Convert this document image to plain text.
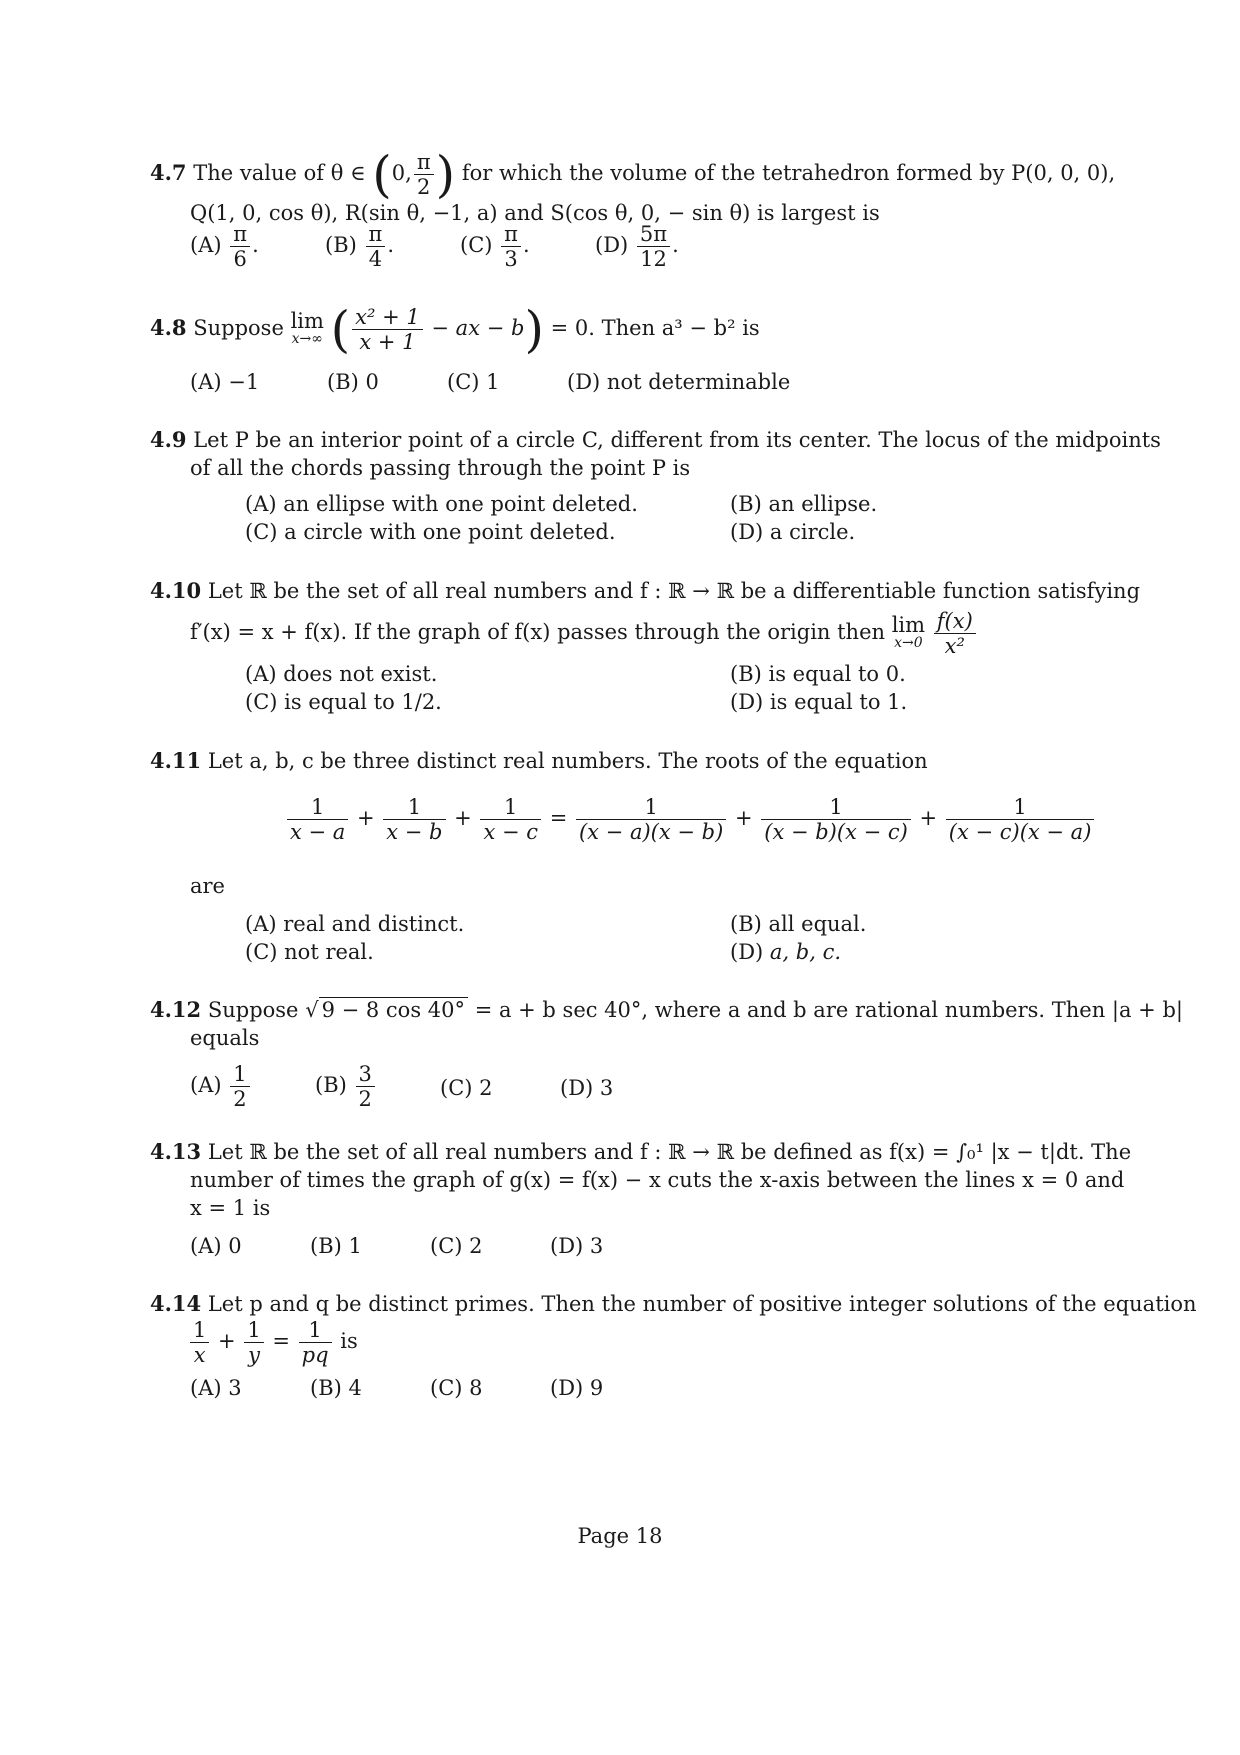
4.7 The value of θ ∈ (0, $\frac{\pi}{2}$ ) for which the volume of the tetrahedron formed by P(0, 0, 0),
Q(1, 0, cos θ), R(sin θ, −1, a) and S(cos θ, 0, − sin θ) is largest is
$(A) \frac{\pi}{6}$ .	$(B) \frac{\pi}{4}$ .	$(C) \frac{\pi}{3}$ .	$(D) \frac{5\pi}{12}$ .
4.8 Suppose lim
x→∞ ( $\frac{\text{x² + 1}}{x + 1}$ − ax − b) = 0. Then a³ − b² is
(A) −1	(B) 0	(C) 1	(D) not determinable
4.9 Let P be an interior point of a circle C, different from its center. The locus of the midpoints
of all the chords passing through the point P is
(A) an ellipse with one point deleted.	(B) an ellipse.
(C) a circle with one point deleted.	(D) a circle.
4.10 Let ℝ be the set of all real numbers and f : ℝ → ℝ be a differentiable function satisfying
f′(x) = x + f(x). If the graph of f(x) passes through the origin then lim
x→0
$\frac{f(x)}{\text{x²}}$
(A) does not exist.	(B) is equal to 0.
(C) is equal to 1/2.	(D) is equal to 1.
4.11 Let a, b, c be three distinct real numbers. The roots of the equation
$\frac{1}{x - a} + \frac{1}{x - b} + \frac{1}{x - c} = \frac{1}{(x - a)(x - b)} + \frac{1}{(x - b)(x - c)} + \frac{1}{(x - c)(x - a)}$
are
(A) real and distinct.	(B) all equal.
(C) not real.	(D) a, b, c.
4.12 Suppose √ 9 − 8 cos 40° = a + b sec 40°, where a and b are rational numbers. Then |a + b|
equals
$(A) \frac{1}{2}$	$(B) \frac{3}{2}$	(C) 2	(D) 3
4.13 Let ℝ be the set of all real numbers and f : ℝ → ℝ be defined as f(x) = ∫₀¹ |x − t|dt. The
number of times the graph of g(x) = f(x) − x cuts the x-axis between the lines x = 0 and
x = 1 is
(A) 0	(B) 1	(C) 2	(D) 3
4.14 Let p and q be distinct primes. Then the number of positive integer solutions of the equation
$\frac{1}{x} + \frac{1}{y} = \frac{1}{pq}$ is
(A) 3	(B) 4	(C) 8	(D) 9
Page 18
